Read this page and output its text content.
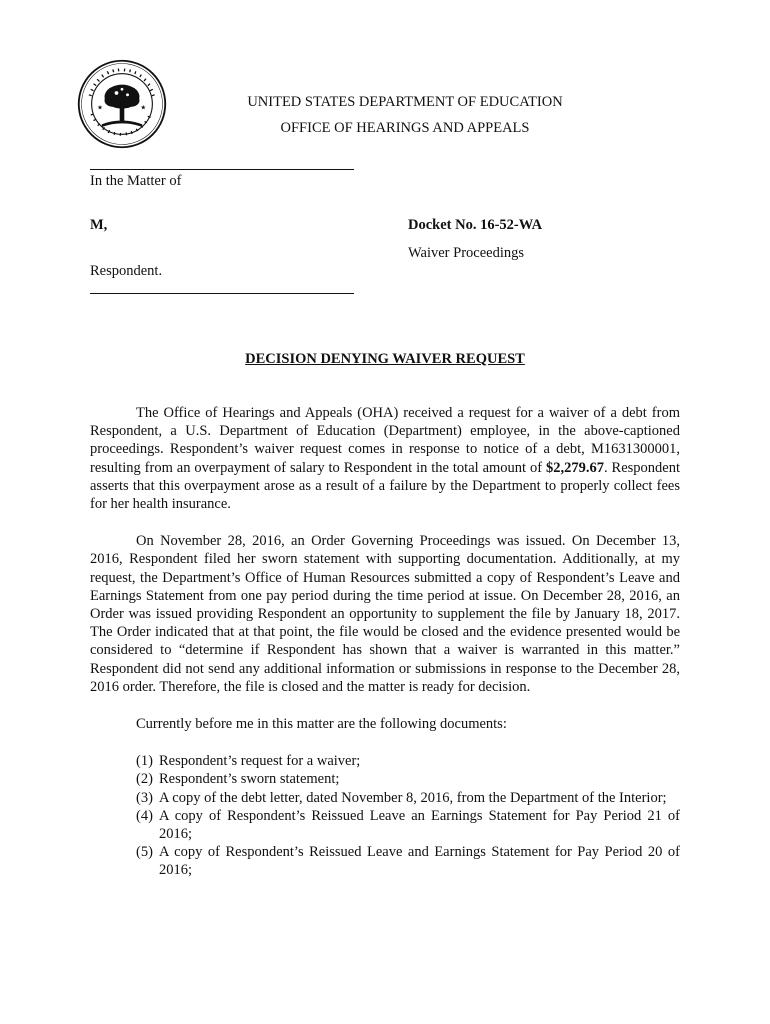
★	★	UNITED STATES DEPARTMENT OF EDUCATION
OFFICE OF HEARINGS AND APPEALS
In the Matter of
M,	Docket No. 16-52-WA
Waiver Proceedings
Respondent.
DECISION DENYING WAIVER REQUEST

The Office of Hearings and Appeals (OHA) received a request for a waiver of a debt from Respondent, a U.S. Department of Education (Department) employee, in the above-captioned proceedings. Respondent’s waiver request comes in response to notice of a debt, M1631300001, resulting from an overpayment of salary to Respondent in the total amount of $2,279.67. Respondent asserts that this overpayment arose as a result of a failure by the Department to properly collect fees for her health insurance.

On November 28, 2016, an Order Governing Proceedings was issued. On December 13, 2016, Respondent filed her sworn statement with supporting documentation. Additionally, at my request, the Department’s Office of Human Resources submitted a copy of Respondent’s Leave and Earnings Statement from one pay period during the time period at issue. On December 28, 2016, an Order was issued providing Respondent an opportunity to supplement the file by January 18, 2017. The Order indicated that at that point, the file would be closed and the evidence presented would be considered to “determine if Respondent has shown that a waiver is warranted in this matter.” Respondent did not send any additional information or submissions in response to the December 28, 2016 order. Therefore, the file is closed and the matter is ready for decision.

Currently before me in this matter are the following documents:

(1) Respondent’s request for a waiver;
(2) Respondent’s sworn statement;
(3) A copy of the debt letter, dated November 8, 2016, from the Department of the Interior;
(4) A copy of Respondent’s Reissued Leave an Earnings Statement for Pay Period 21 of 2016;
(5) A copy of Respondent’s Reissued Leave and Earnings Statement for Pay Period 20 of 2016;
